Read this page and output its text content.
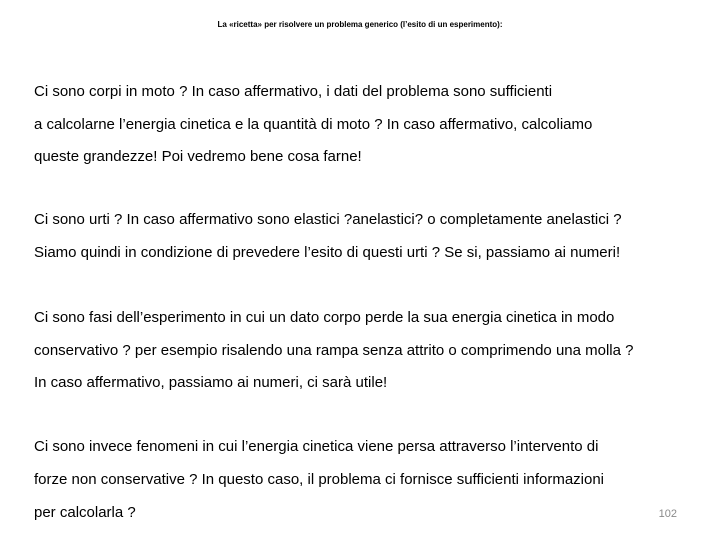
La «ricetta» per risolvere un problema generico (l’esito di un esperimento):
Ci sono corpi in moto ? In caso affermativo, i dati del problema sono sufficienti
a calcolarne l’energia cinetica e la quantità di moto ? In caso affermativo, calcoliamo
queste grandezze! Poi vedremo bene cosa farne!
Ci sono urti ? In caso affermativo sono elastici ?anelastici? o completamente anelastici ?
Siamo quindi in condizione di prevedere l’esito di questi urti ? Se si, passiamo ai numeri!
Ci sono fasi dell’esperimento in cui un dato corpo perde la sua energia cinetica in modo
conservativo ? per esempio risalendo una rampa senza attrito o comprimendo una molla ?
In caso affermativo, passiamo ai numeri, ci sarà utile!
Ci sono invece fenomeni in cui l’energia cinetica viene persa attraverso l’intervento di
forze non conservative ? In questo caso, il problema ci fornisce sufficienti informazioni
per calcolarla ?	102
